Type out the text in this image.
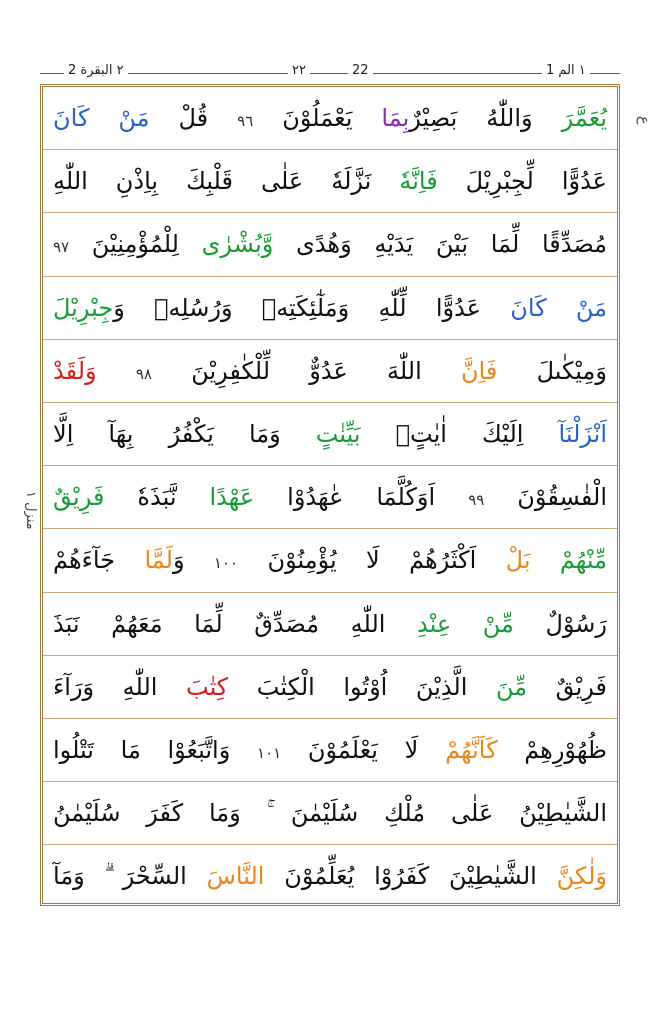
٢ البقرة 2	٢٢	22	١ الم 1
ع
منزل ١
يُعَمَّرَ وَاللّٰهُ بَصِيْرٌبِمَا يَعْمَلُوْنَ ٩٦ قُلْ مَنْ كَانَ
عَدُوًّا لِّجِبْرِيْلَ فَاِنَّهٗ نَزَّلَهٗ عَلٰى قَلْبِكَ بِاِذْنِ اللّٰهِ
مُصَدِّقًا لِّمَا بَيْنَ يَدَيْهِ وَهُدًى وَّبُشْرٰى لِلْمُؤْمِنِيْنَ ٩٧
مَنْ كَانَ عَدُوًّا لِّلّٰهِ وَمَلٰٓئِكَتِهٖ وَرُسُلِهٖ وَجِبْرِيْلَ
وَمِيْكٰىلَ فَاِنَّ اللّٰهَ عَدُوٌّ لِّلْكٰفِرِيْنَ ٩٨ وَلَقَدْ
اَنْزَلْنَآ اِلَيْكَ اٰيٰتٍۢ بَيِّنٰتٍ وَمَا يَكْفُرُ بِهَآ اِلَّا
الْفٰسِقُوْنَ ٩٩ اَوَكُلَّمَا عٰهَدُوْا عَهْدًا نَّبَذَهٗ فَرِيْقٌ
مِّنْهُمْ بَلْ اَكْثَرُهُمْ لَا يُؤْمِنُوْنَ ١٠٠ وَلَمَّا جَآءَهُمْ
رَسُوْلٌ مِّنْ عِنْدِ اللّٰهِ مُصَدِّقٌ لِّمَا مَعَهُمْ نَبَذَ
فَرِيْقٌ مِّنَ الَّذِيْنَ اُوْتُوا الْكِتٰبَ كِتٰبَ اللّٰهِ وَرَآءَ
ظُهُوْرِهِمْ كَاَنَّهُمْ لَا يَعْلَمُوْنَ ١٠١ وَاتَّبَعُوْا مَا تَتْلُوا
الشَّيٰطِيْنُ عَلٰى مُلْكِ سُلَيْمٰنَ ۚ وَمَا كَفَرَ سُلَيْمٰنُ
وَلٰكِنَّ الشَّيٰطِيْنَ كَفَرُوْا يُعَلِّمُوْنَ النَّاسَ السِّحْرَ ۗ وَمَآ
